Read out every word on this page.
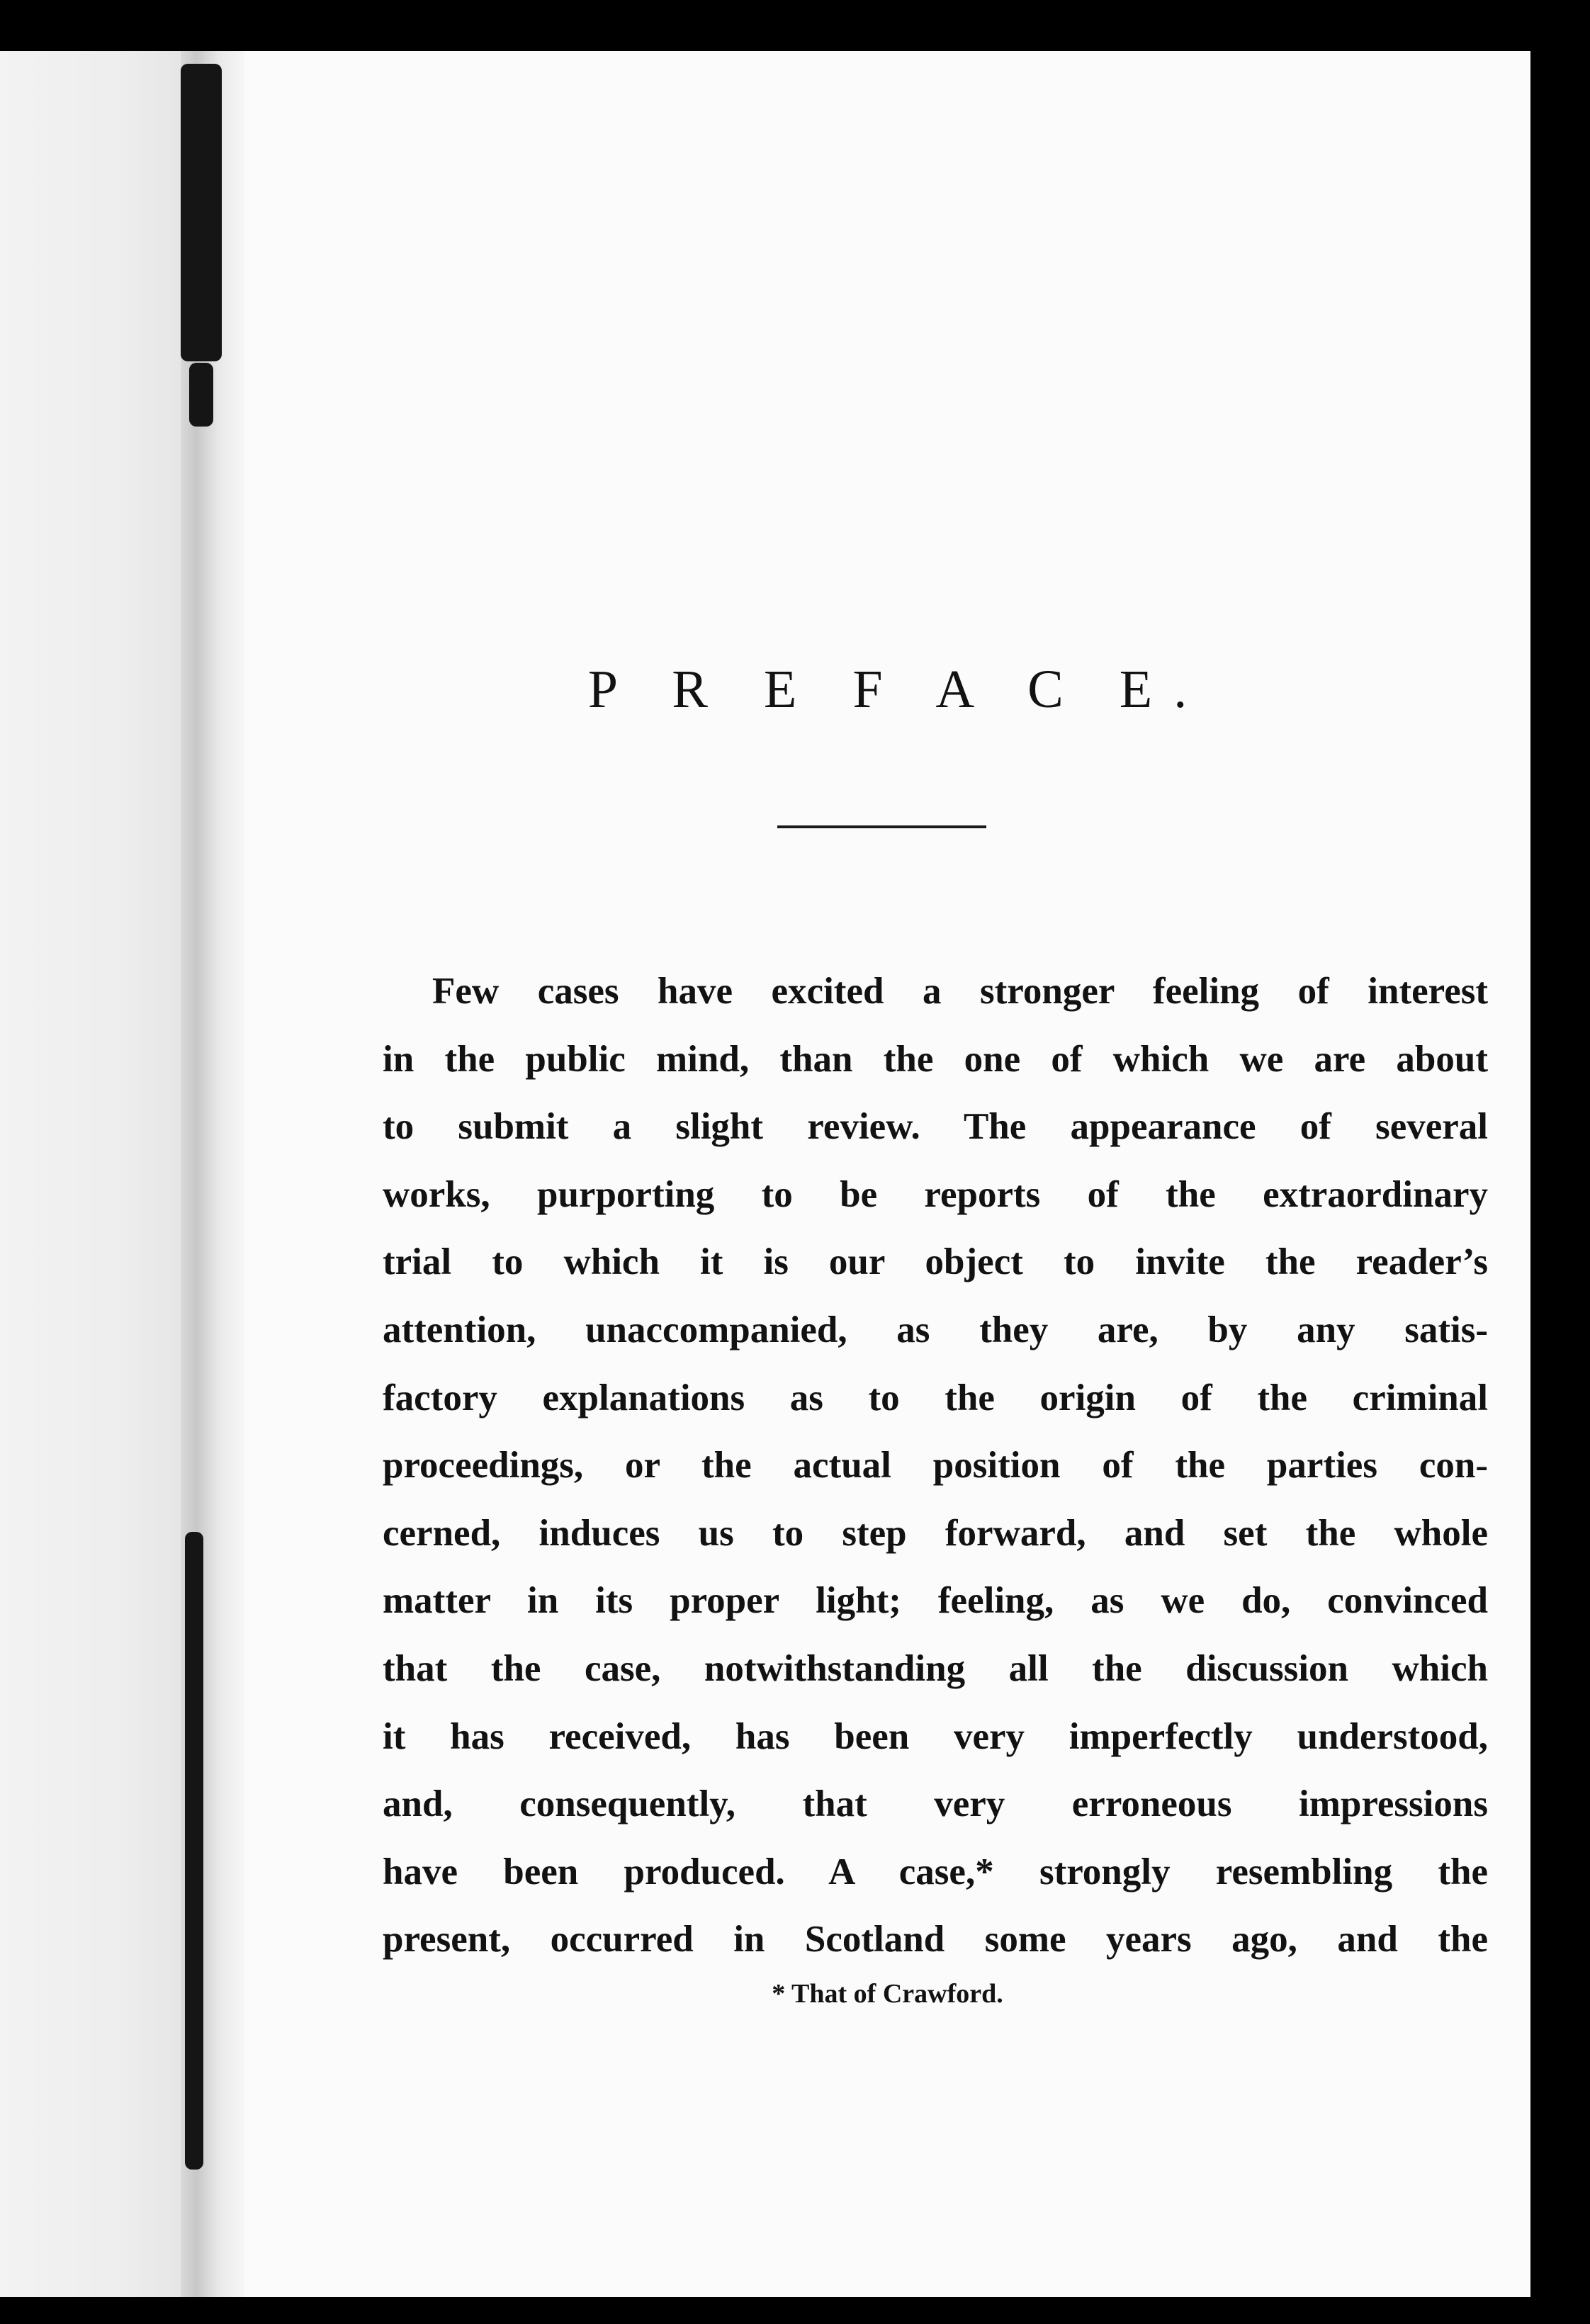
P R E F A C E.
Few cases have excited a stronger feeling of interest
in the public mind, than the one of which we are about
to submit a slight review. The appearance of several
works, purporting to be reports of the extraordinary
trial to which it is our object to invite the reader’s
attention, unaccompanied, as they are, by any satis-
factory explanations as to the origin of the criminal
proceedings, or the actual position of the parties con-
cerned, induces us to step forward, and set the whole
matter in its proper light; feeling, as we do, convinced
that the case, notwithstanding all the discussion which
it has received, has been very imperfectly understood,
and, consequently, that very erroneous impressions
have been produced. A case,* strongly resembling the
present, occurred in Scotland some years ago, and the

* That of Crawford.
